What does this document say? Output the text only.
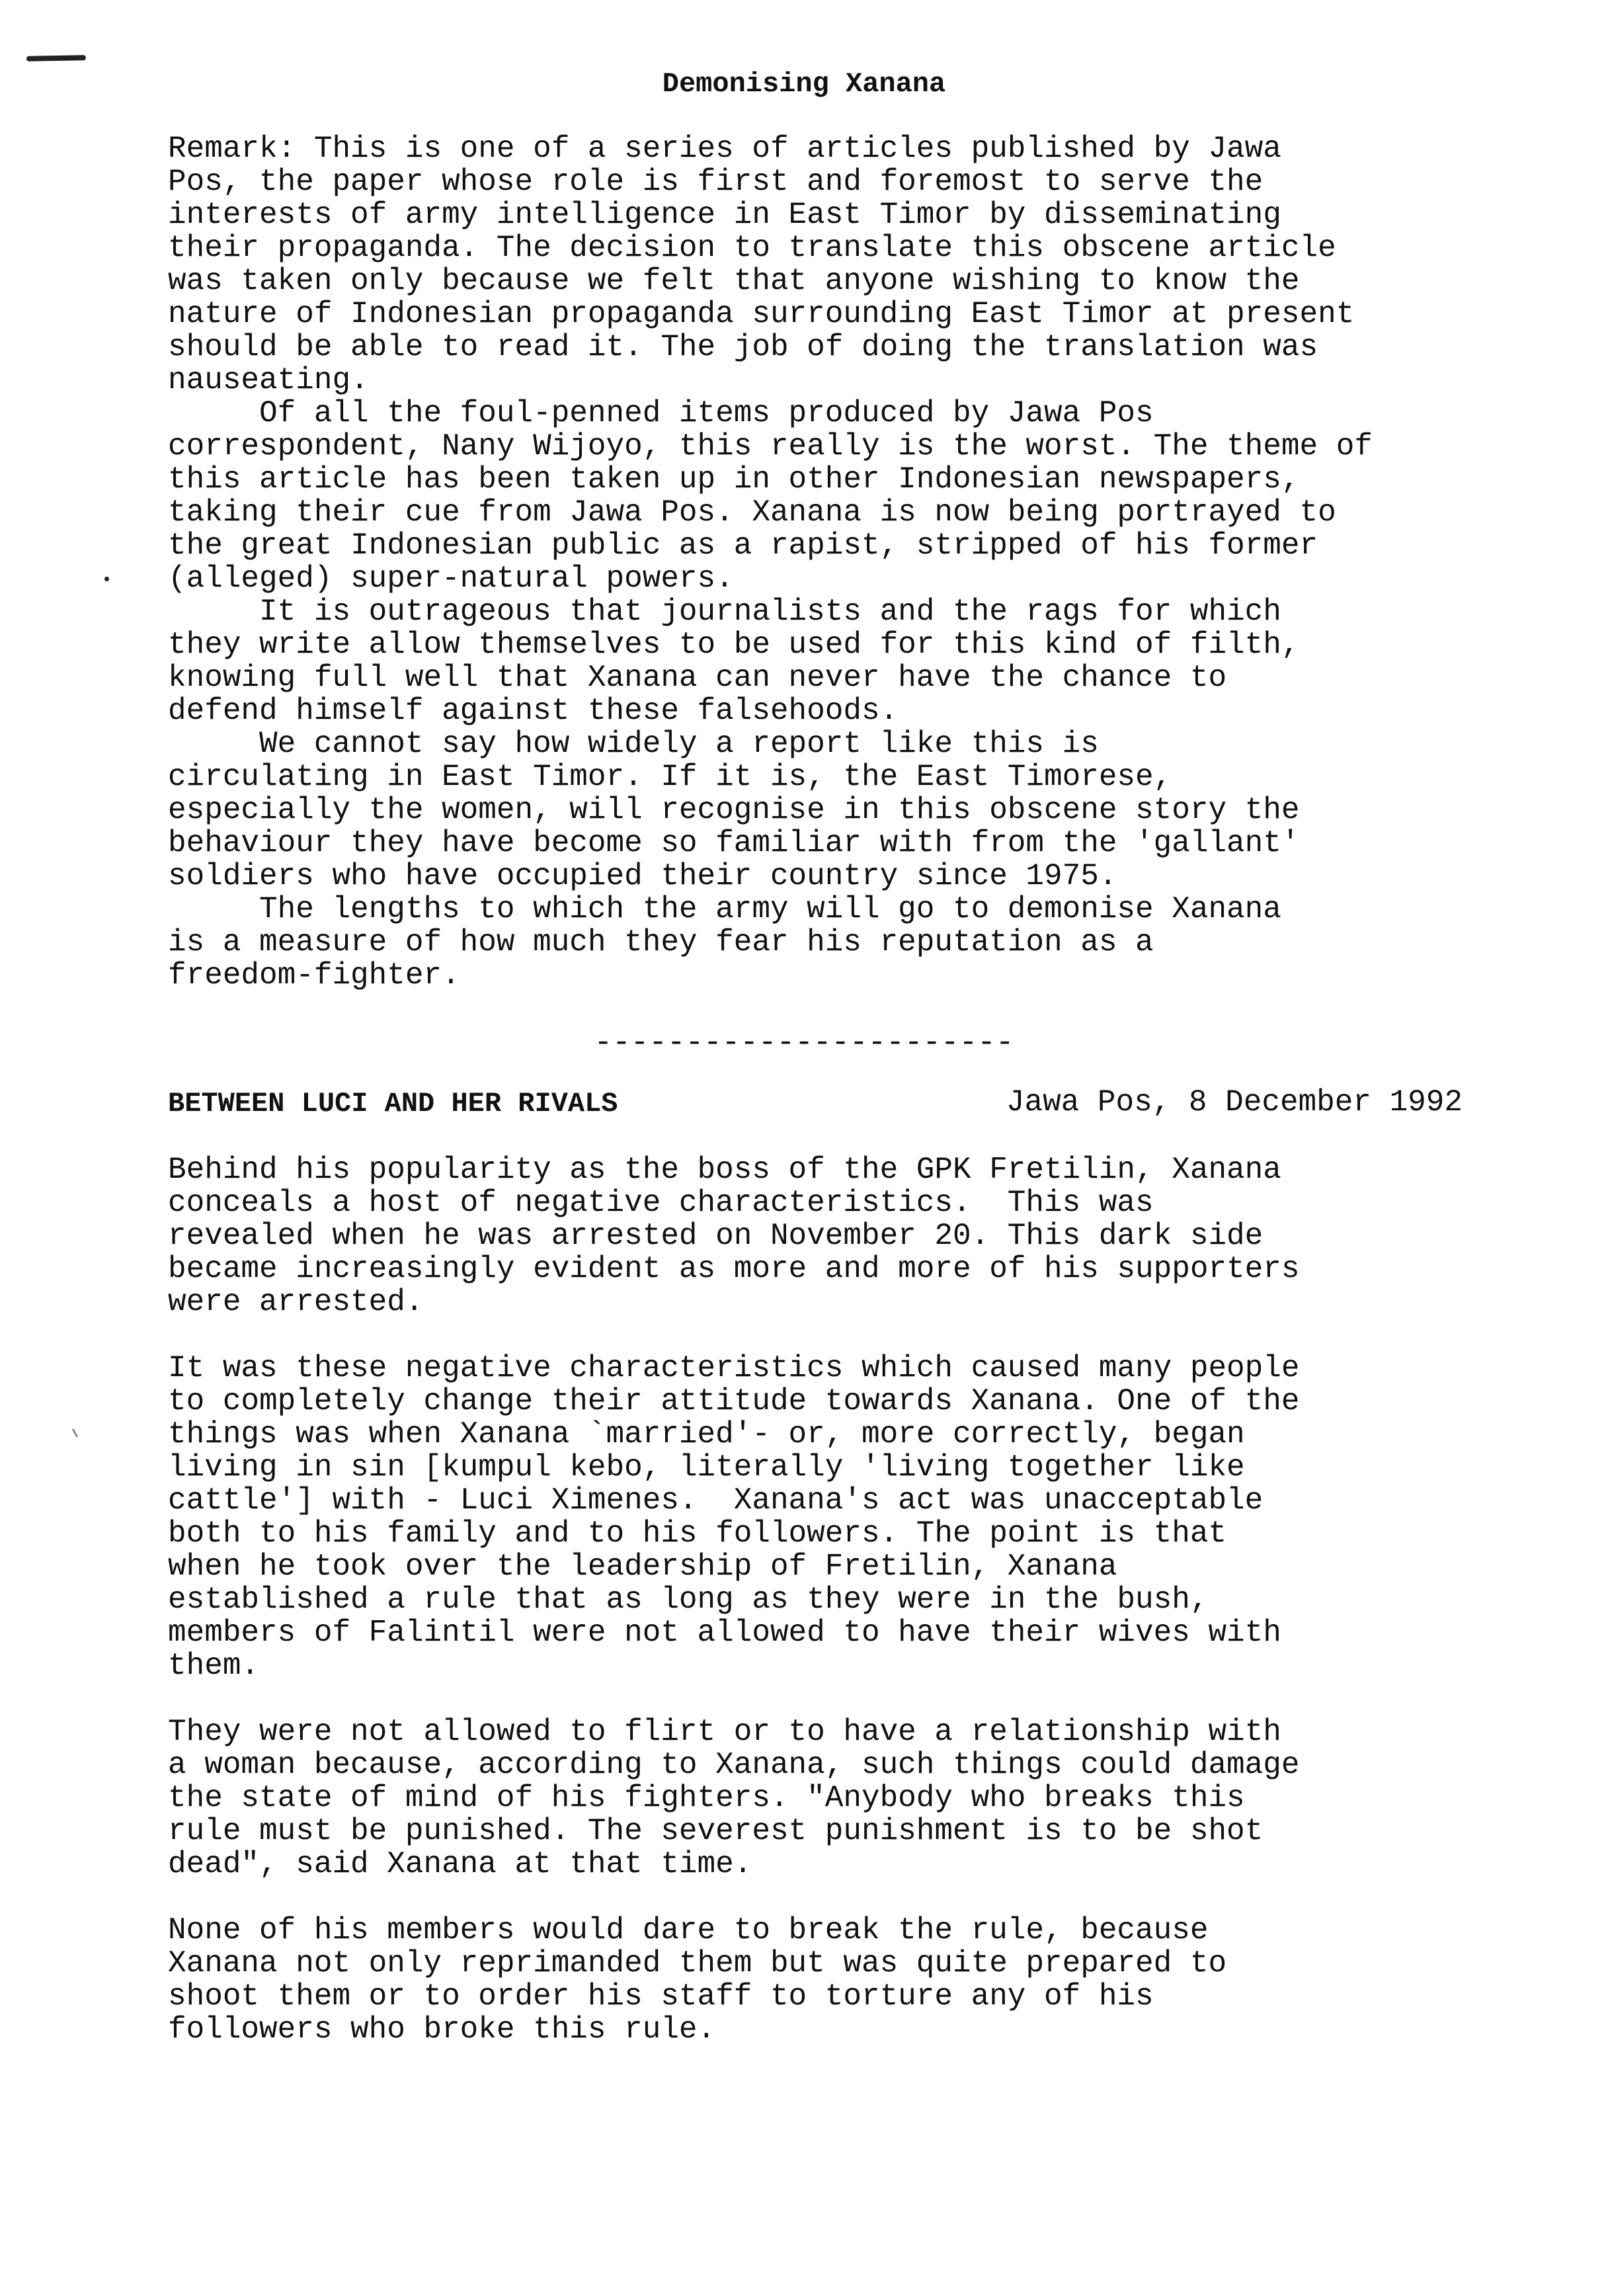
Demonising Xanana
Remark: This is one of a series of articles published by Jawa
Pos, the paper whose role is first and foremost to serve the
interests of army intelligence in East Timor by disseminating
their propaganda. The decision to translate this obscene article
was taken only because we felt that anyone wishing to know the
nature of Indonesian propaganda surrounding East Timor at present
should be able to read it. The job of doing the translation was
nauseating.
Of all the foul-penned items produced by Jawa Pos
correspondent, Nany Wijoyo, this really is the worst. The theme of
this article has been taken up in other Indonesian newspapers,
taking their cue from Jawa Pos. Xanana is now being portrayed to
the great Indonesian public as a rapist, stripped of his former
(alleged) super-natural powers.
It is outrageous that journalists and the rags for which
they write allow themselves to be used for this kind of filth,
knowing full well that Xanana can never have the chance to
defend himself against these falsehoods.
We cannot say how widely a report like this is
circulating in East Timor. If it is, the East Timorese,
especially the women, will recognise in this obscene story the
behaviour they have become so familiar with from the 'gallant'
soldiers who have occupied their country since 1975.
The lengths to which the army will go to demonise Xanana
is a measure of how much they fear his reputation as a
freedom-fighter.
-----------------------
BETWEEN LUCI AND HER RIVALS	Jawa Pos, 8 December 1992
Behind his popularity as the boss of the GPK Fretilin, Xanana
conceals a host of negative characteristics.  This was
revealed when he was arrested on November 20. This dark side
became increasingly evident as more and more of his supporters
were arrested.
It was these negative characteristics which caused many people
to completely change their attitude towards Xanana. One of the
things was when Xanana `married'- or, more correctly, began
living in sin [kumpul kebo, literally 'living together like
cattle'] with - Luci Ximenes.  Xanana's act was unacceptable
both to his family and to his followers. The point is that
when he took over the leadership of Fretilin, Xanana
established a rule that as long as they were in the bush,
members of Falintil were not allowed to have their wives with
them.
They were not allowed to flirt or to have a relationship with
a woman because, according to Xanana, such things could damage
the state of mind of his fighters. "Anybody who breaks this
rule must be punished. The severest punishment is to be shot
dead", said Xanana at that time.
None of his members would dare to break the rule, because
Xanana not only reprimanded them but was quite prepared to
shoot them or to order his staff to torture any of his
followers who broke this rule.
